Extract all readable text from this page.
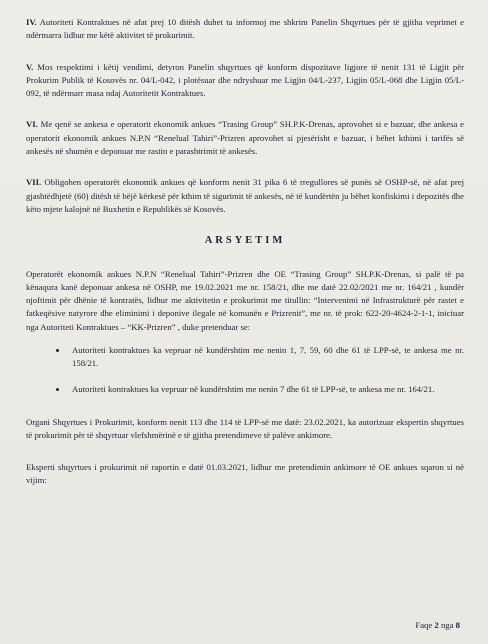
IV. Autoriteti Kontraktues në afat prej 10 ditësh duhet ta informoj me shkrim Panelin Shqyrtues për të gjitha veprimet e ndërmarra lidhur me këtë aktivitet të prokurimit.

V. Mos respektimi i këtij vendimi, detyron Panelin shqyrtues që konform dispozitave ligjore të nenit 131 të Ligjit për Prokurim Publik të Kosovës nr. 04/L-042, i plotësuar dhe ndryshuar me Ligjin 04/L-237, Ligjin 05/L-068 dhe Ligjin 05/L-092, të ndërmarr masa ndaj Autoritetit Kontraktues.

VI. Me qenë se ankesa e operatorit ekonomik ankues “Trasing Group” SH.P.K-Drenas, aprovohet si e bazuar, dhe ankesa e operatorit ekonomik ankues N.P.N “Renelual Tahiri”-Prizren aprovohet si pjesërisht e bazuar, i bëhet kthimi i tarifës së ankesës në shumën e deponuar me rastin e parashtrimit të ankesës.

VII. Obligohen operatorët ekonomik ankues që konform nenit 31 pika 6 të rregullores së punës së OSHP-së, në afat prej gjashtëdhjetë (60) ditësh të bëjë kërkesë për kthim të sigurimit të ankesës, në të kundërtën ju bëhet konfiskimi i depozitës dhe këto mjete kalojnë në Buxhetin e Republikës së Kosovës.

ARSYETIM

Operatorët ekonomik ankues N.P.N “Renelual Tahiri”-Prizren dhe OE “Trasing Group” SH.P.K-Drenas, si palë të pa kënaqura kanë deponuar ankesa në OSHP, me 19.02.2021 me nr. 158/21, dhe me datë 22.02/2021 me nr. 164/21 , kundër njoftimit për dhënie të kontratës, lidhur me aktivitetin e prokurimit me titullin: “Intervenimi në Infrastrukturë për rastet e fatkeqësive natyrore dhe eliminimi i deponive ilegale në komunën e Prizrenit”, me nr. të prok: 622-20-4624-2-1-1, iniciuar nga Autoriteti Kontraktues – “KK-Prizren” , duke pretenduar se:

Autoriteti kontraktues ka vepruar në kundërshtim me nenin 1, 7, 59, 60 dhe 61 të LPP-së, te ankesa me nr. 158/21.
Autoriteti kontraktues ka vepruar në kundërshtim me nenin 7 dhe 61 të LPP-së, te ankesa me nr. 164/21.

Organi Shqyrtues i Prokurimit, konform nenit 113 dhe 114 të LPP-së me datë: 23.02.2021, ka autorizuar ekspertin shqyrtues të prokurimit për të shqyrtuar vlefshmërinë e të gjitha pretendimeve të palëve ankimore.

Eksperti shqyrtues i prokurimit në raportin e datë 01.03.2021, lidhur me pretendimin ankimore të OE ankues sqaron si në vijim:

Faqe 2 nga 8
